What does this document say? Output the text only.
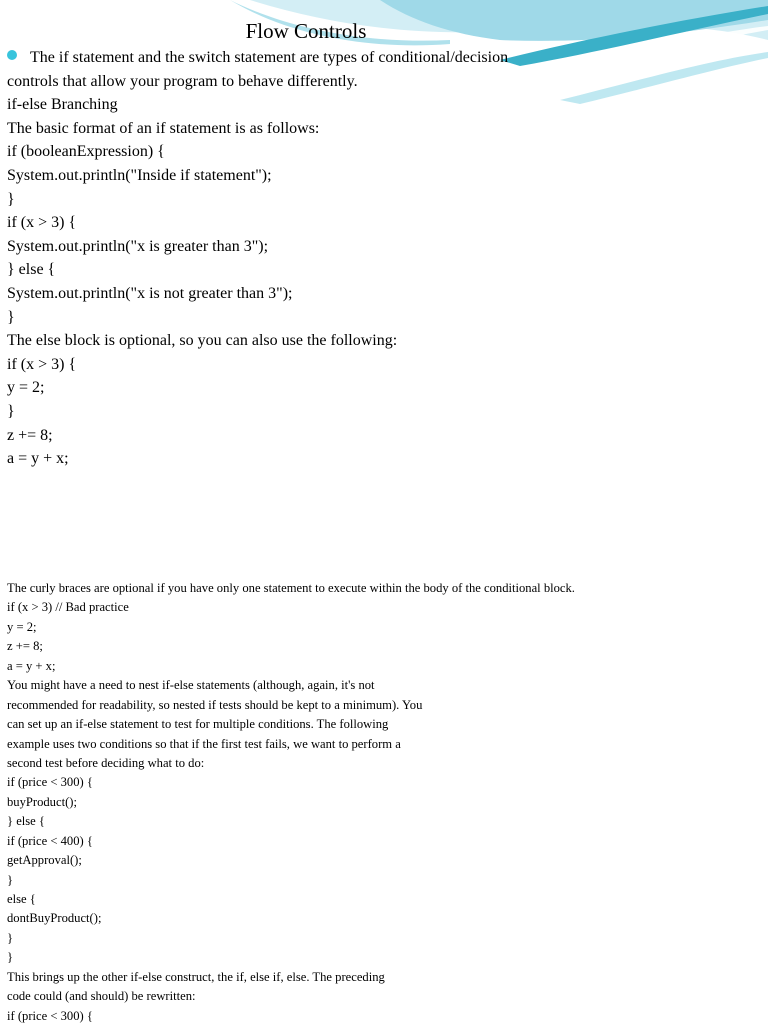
Flow Controls
The if statement and the switch statement are types of conditional/decision
controls that allow your program to behave differently.
if-else Branching
The basic format of an if statement is as follows:
if (booleanExpression) {
System.out.println("Inside if statement");
}
if (x > 3) {
System.out.println("x is greater than 3");
} else {
System.out.println("x is not greater than 3");
}
The else block is optional, so you can also use the following:
if (x > 3) {
y = 2;
}
z += 8;
a = y + x;
The curly braces are optional if you have only one statement to execute within the body of the conditional block.
if (x > 3) // Bad practice
y = 2;
z += 8;
a = y + x;
You might have a need to nest if-else statements (although, again, it's not
recommended for readability, so nested if tests should be kept to a minimum). You
can set up an if-else statement to test for multiple conditions. The following
example uses two conditions so that if the first test fails, we want to perform a
second test before deciding what to do:
if (price < 300) {
buyProduct();
} else {
if (price < 400) {
getApproval();
}
else {
dontBuyProduct();
}
}
This brings up the other if-else construct, the if, else if, else. The preceding
code could (and should) be rewritten:
if (price < 300) {
